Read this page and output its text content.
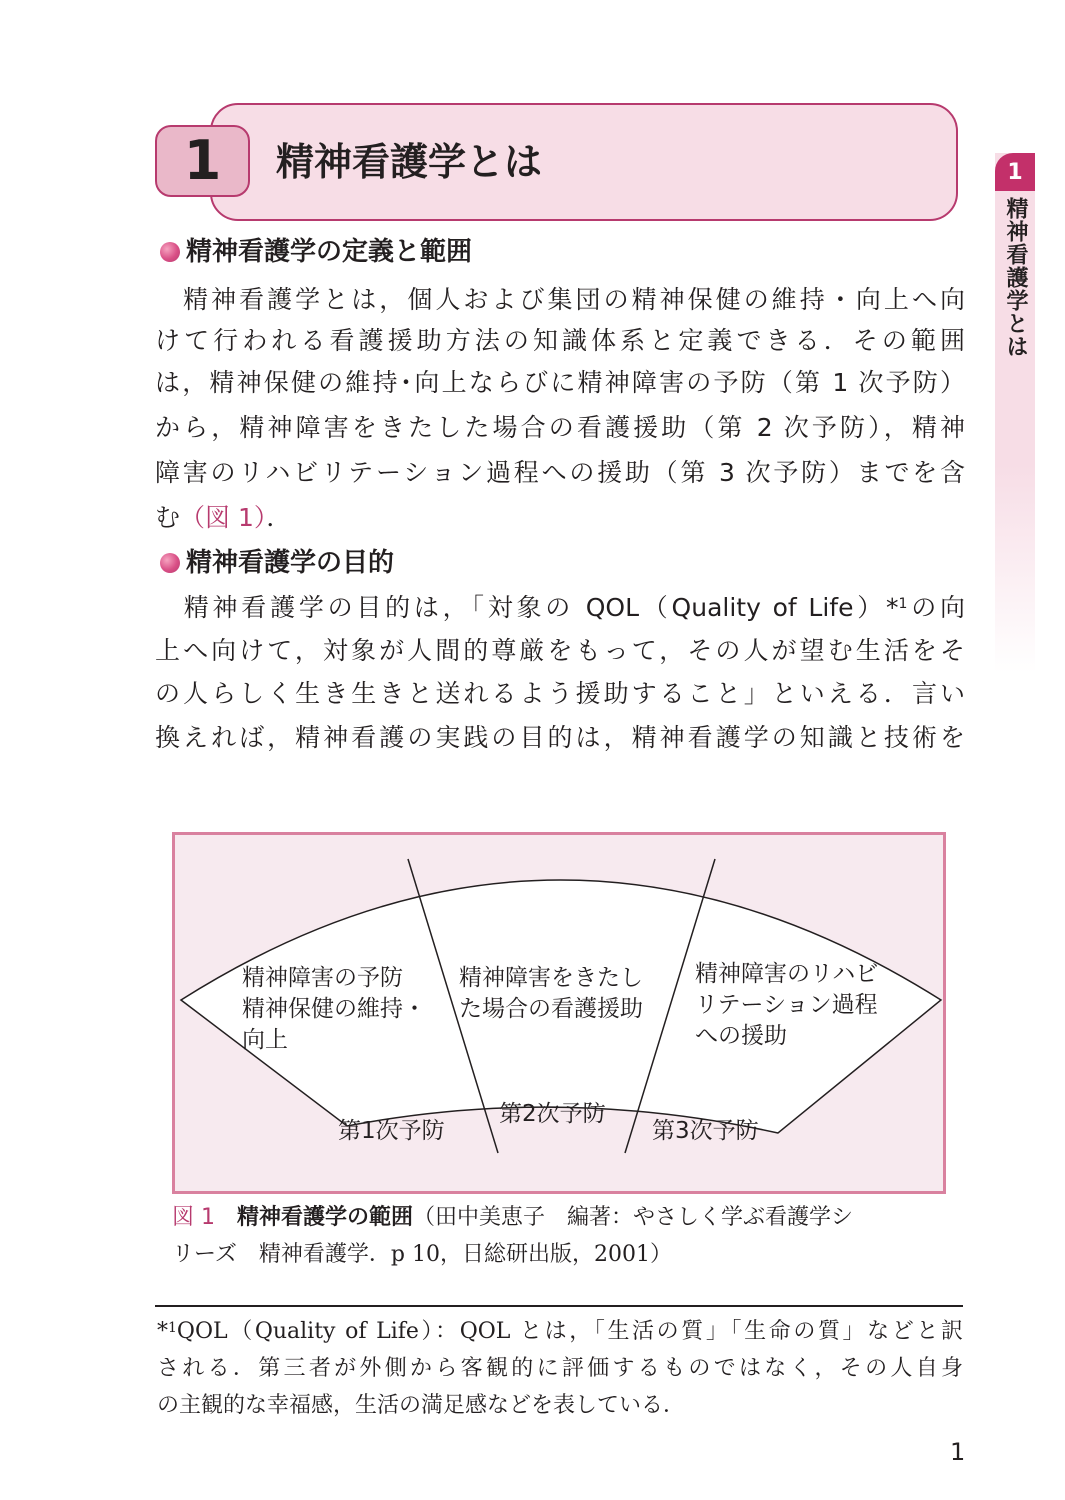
1	精神看護学とは	1
精神看護学とは
精神看護学の定義と範囲
　精神看護学とは，個人および集団の精神保健の維持・向上へ向
けて行われる看護援助方法の知識体系と定義できる．その範囲
は，精神保健の維持･向上ならびに精神障害の予防（第 1 次予防）
から，精神障害をきたした場合の看護援助（第 2 次予防），精神
障害のリハビリテーション過程への援助（第 3 次予防）までを含
む（図 1）．
精神看護学の目的
　精神看護学の目的は，「対象の QOL（Quality of Life）*$^1$の向
上へ向けて，対象が人間的尊厳をもって，その人が望む生活をそ
の人らしく生き生きと送れるよう援助すること」といえる．言い
換えれば，精神看護の実践の目的は，精神看護学の知識と技術を
精神障害の予防
精神保健の維持・
向上
第1次予防
精神障害をきたし
た場合の看護援助
第2次予防
精神障害のリハビ
リテーション過程
への援助
第3次予防
図 1　 精神看護学の範囲（田中美恵子　編著：やさしく学ぶ看護学シ
リーズ　精神看護学．p 10，日総研出版，2001）
*$^1$QOL（Quality of Life）：QOL とは，「生活の質」「生命の質」などと訳
される．第三者が外側から客観的に評価するものではなく，その人自身
の主観的な幸福感，生活の満足感などを表している．
1
